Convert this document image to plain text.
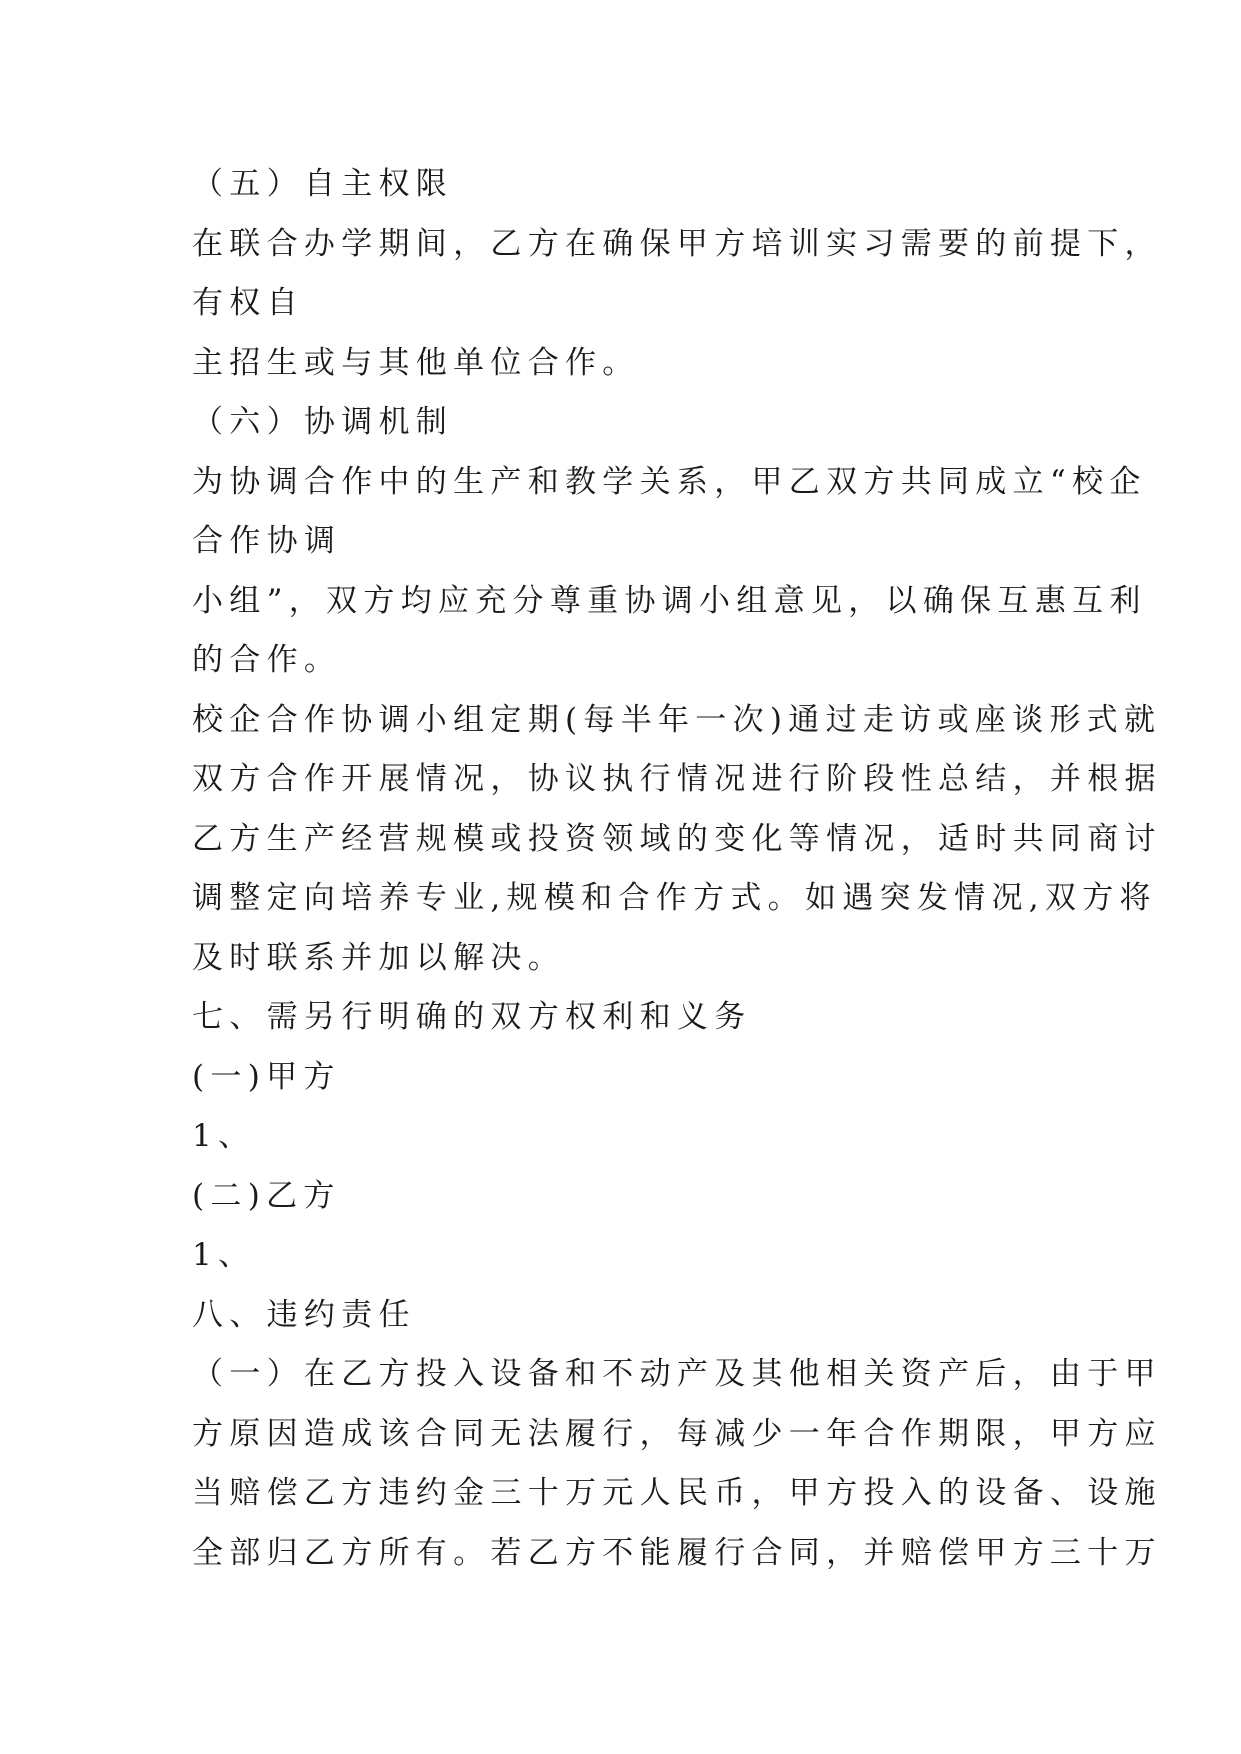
（五）自主权限
在联合办学期间，乙方在确保甲方培训实习需要的前提下，
有权自
主招生或与其他单位合作。
（六）协调机制
为协调合作中的生产和教学关系，甲乙双方共同成立“校企
合作协调
小组”，双方均应充分尊重协调小组意见，以确保互惠互利
的合作。
校企合作协调小组定期(每半年一次)通过走访或座谈形式就
双方合作开展情况，协议执行情况进行阶段性总结，并根据
乙方生产经营规模或投资领域的变化等情况，适时共同商讨
调整定向培养专业,规模和合作方式。如遇突发情况,双方将
及时联系并加以解决。
七、需另行明确的双方权利和义务
(一)甲方
1、
(二)乙方
1、
八、违约责任
（一）在乙方投入设备和不动产及其他相关资产后，由于甲
方原因造成该合同无法履行，每减少一年合作期限，甲方应
当赔偿乙方违约金三十万元人民币，甲方投入的设备、设施
全部归乙方所有。若乙方不能履行合同，并赔偿甲方三十万
